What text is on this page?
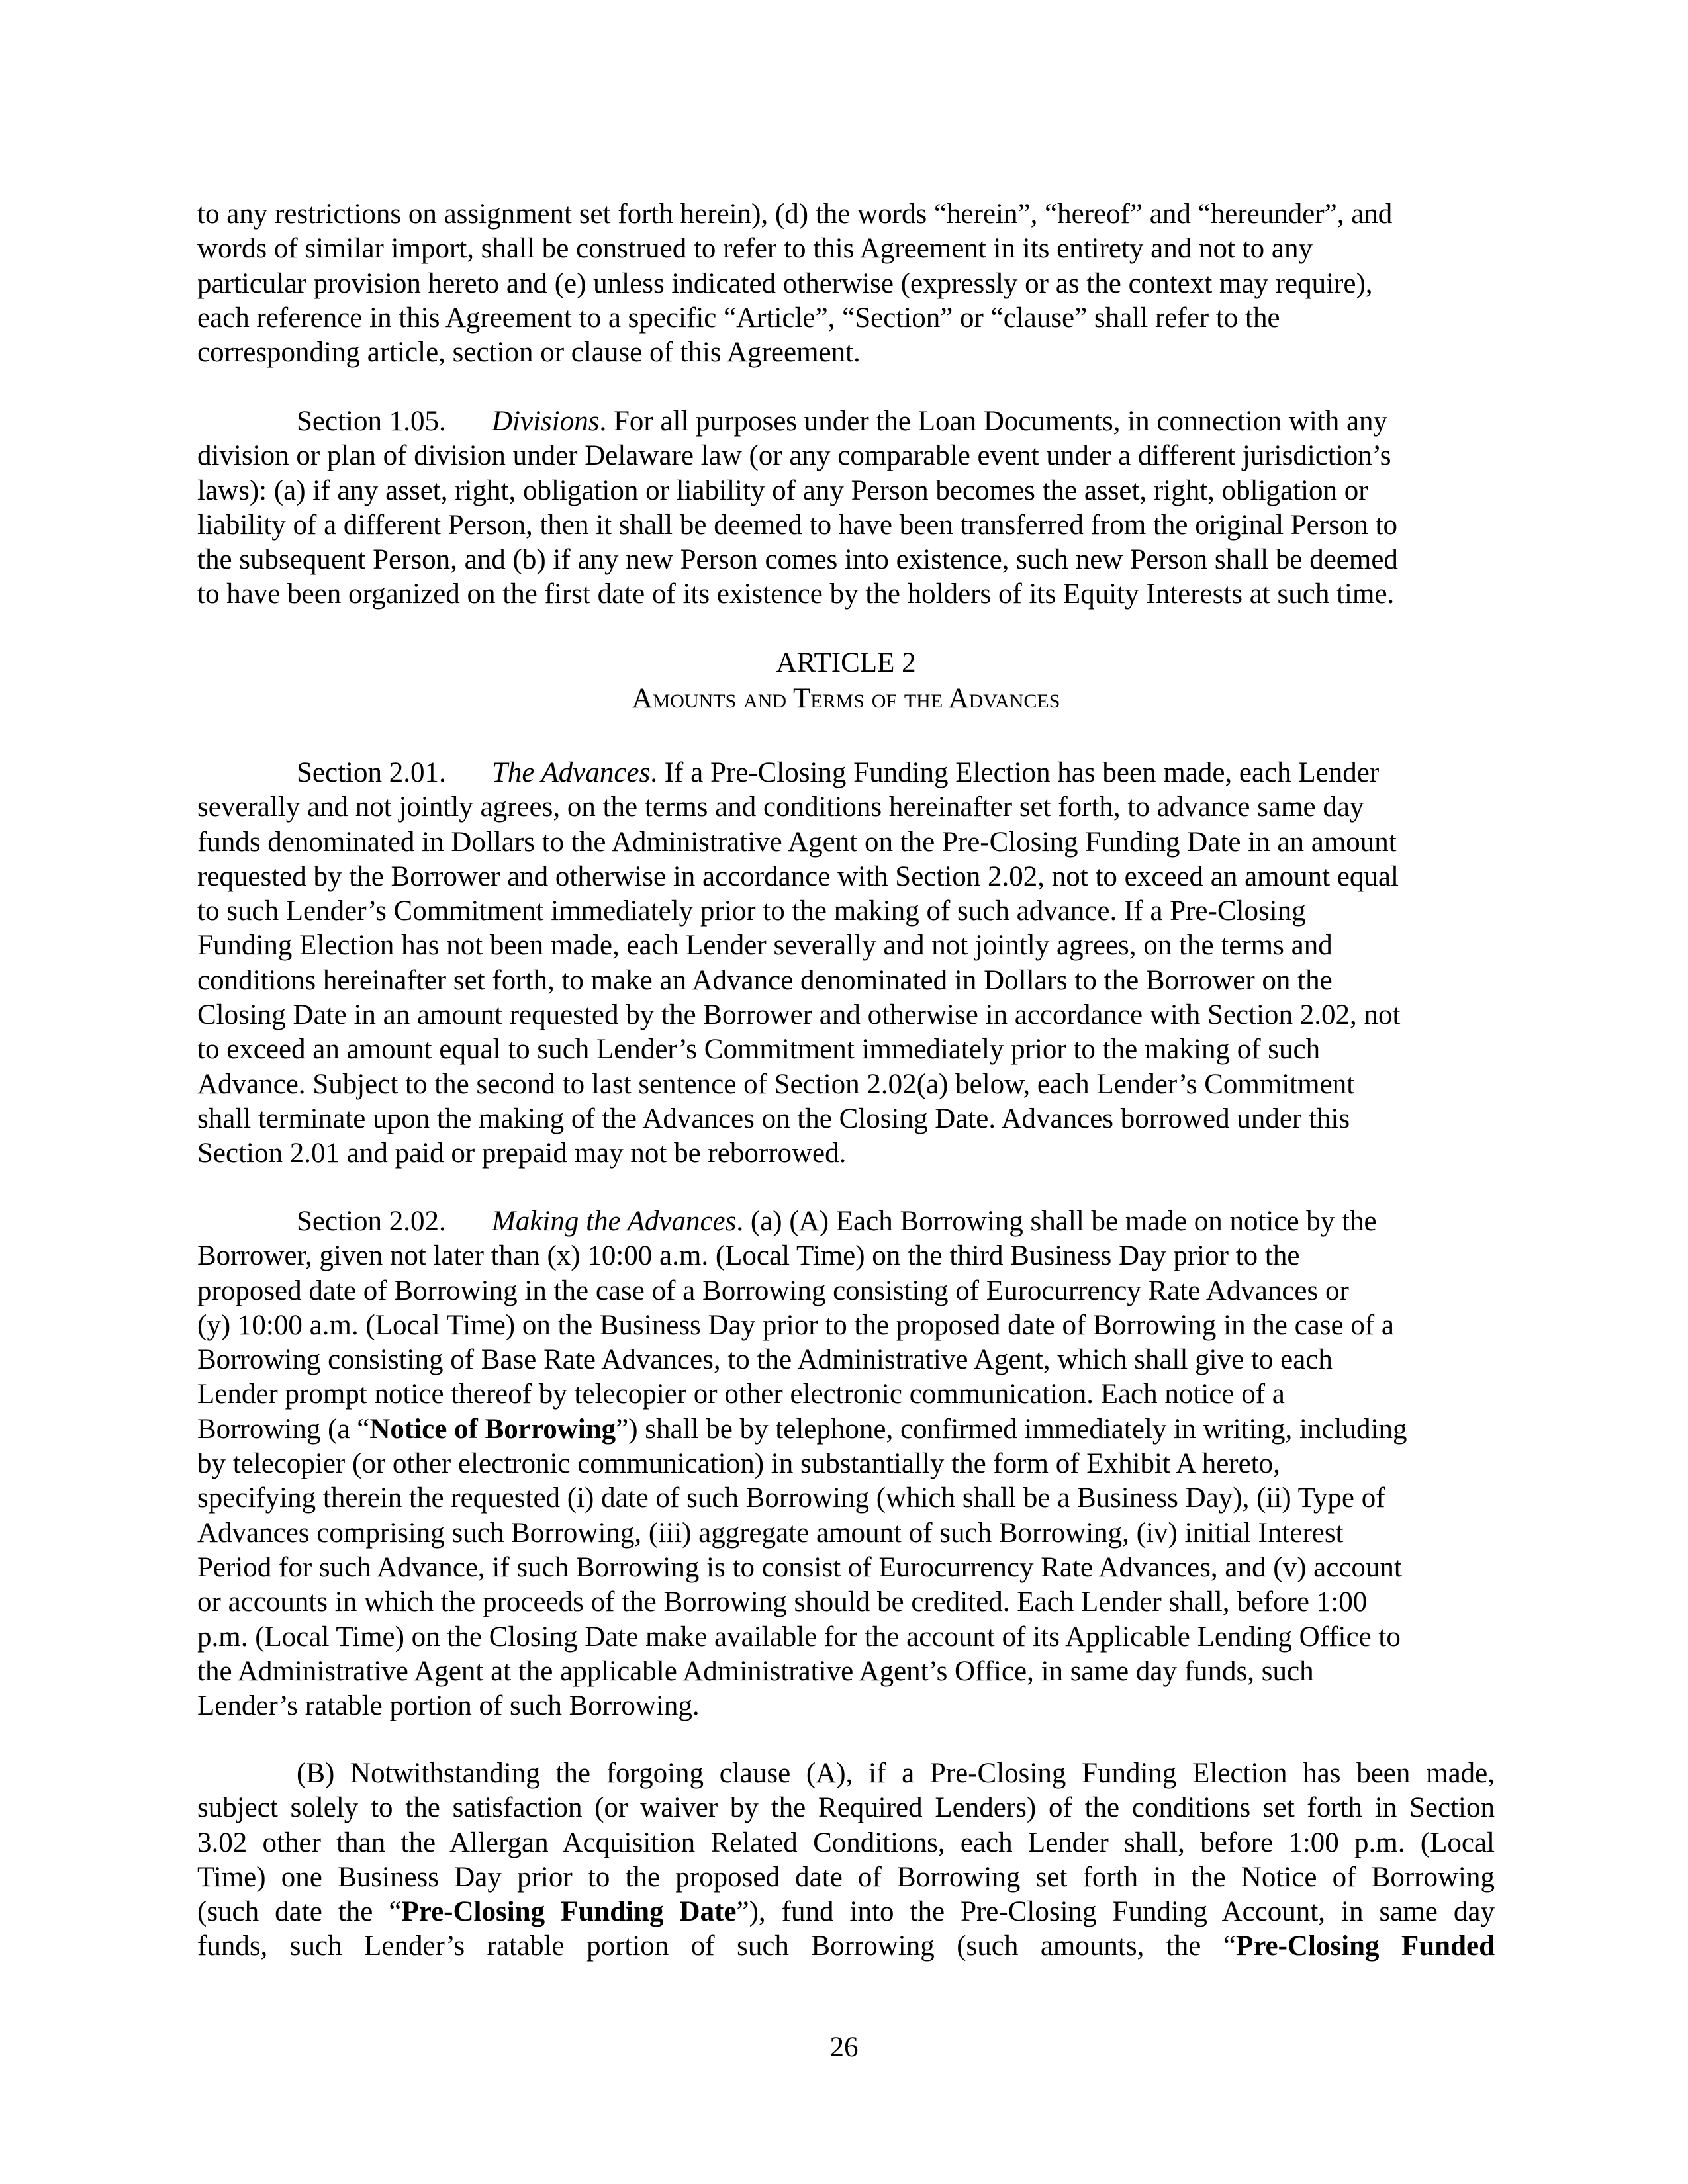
to any restrictions on assignment set forth herein), (d) the words “herein”, “hereof” and “hereunder”, and
words of similar import, shall be construed to refer to this Agreement in its entirety and not to any
particular provision hereto and (e) unless indicated otherwise (expressly or as the context may require),
each reference in this Agreement to a specific “Article”, “Section” or “clause” shall refer to the
corresponding article, section or clause of this Agreement.
Section 1.05. Divisions. For all purposes under the Loan Documents, in connection with any
division or plan of division under Delaware law (or any comparable event under a different jurisdiction’s
laws): (a) if any asset, right, obligation or liability of any Person becomes the asset, right, obligation or
liability of a different Person, then it shall be deemed to have been transferred from the original Person to
the subsequent Person, and (b) if any new Person comes into existence, such new Person shall be deemed
to have been organized on the first date of its existence by the holders of its Equity Interests at such time.
ARTICLE 2
Amounts and Terms of the Advances
Section 2.01. The Advances. If a Pre-Closing Funding Election has been made, each Lender
severally and not jointly agrees, on the terms and conditions hereinafter set forth, to advance same day
funds denominated in Dollars to the Administrative Agent on the Pre-Closing Funding Date in an amount
requested by the Borrower and otherwise in accordance with Section 2.02, not to exceed an amount equal
to such Lender’s Commitment immediately prior to the making of such advance. If a Pre-Closing
Funding Election has not been made, each Lender severally and not jointly agrees, on the terms and
conditions hereinafter set forth, to make an Advance denominated in Dollars to the Borrower on the
Closing Date in an amount requested by the Borrower and otherwise in accordance with Section 2.02, not
to exceed an amount equal to such Lender’s Commitment immediately prior to the making of such
Advance. Subject to the second to last sentence of Section 2.02(a) below, each Lender’s Commitment
shall terminate upon the making of the Advances on the Closing Date. Advances borrowed under this
Section 2.01 and paid or prepaid may not be reborrowed.
Section 2.02. Making the Advances. (a) (A) Each Borrowing shall be made on notice by the
Borrower, given not later than (x) 10:00 a.m. (Local Time) on the third Business Day prior to the
proposed date of Borrowing in the case of a Borrowing consisting of Eurocurrency Rate Advances or
(y) 10:00 a.m. (Local Time) on the Business Day prior to the proposed date of Borrowing in the case of a
Borrowing consisting of Base Rate Advances, to the Administrative Agent, which shall give to each
Lender prompt notice thereof by telecopier or other electronic communication. Each notice of a
Borrowing (a “Notice of Borrowing”) shall be by telephone, confirmed immediately in writing, including
by telecopier (or other electronic communication) in substantially the form of Exhibit A hereto,
specifying therein the requested (i) date of such Borrowing (which shall be a Business Day), (ii) Type of
Advances comprising such Borrowing, (iii) aggregate amount of such Borrowing, (iv) initial Interest
Period for such Advance, if such Borrowing is to consist of Eurocurrency Rate Advances, and (v) account
or accounts in which the proceeds of the Borrowing should be credited. Each Lender shall, before 1:00
p.m. (Local Time) on the Closing Date make available for the account of its Applicable Lending Office to
the Administrative Agent at the applicable Administrative Agent’s Office, in same day funds, such
Lender’s ratable portion of such Borrowing.
(B) Notwithstanding the forgoing clause (A), if a Pre-Closing Funding Election has been made,
subject solely to the satisfaction (or waiver by the Required Lenders) of the conditions set forth in Section
3.02 other than the Allergan Acquisition Related Conditions, each Lender shall, before 1:00 p.m. (Local
Time) one Business Day prior to the proposed date of Borrowing set forth in the Notice of Borrowing
(such date the “Pre-Closing Funding Date”), fund into the Pre-Closing Funding Account, in same day
funds, such Lender’s ratable portion of such Borrowing (such amounts, the “Pre-Closing Funded
26
